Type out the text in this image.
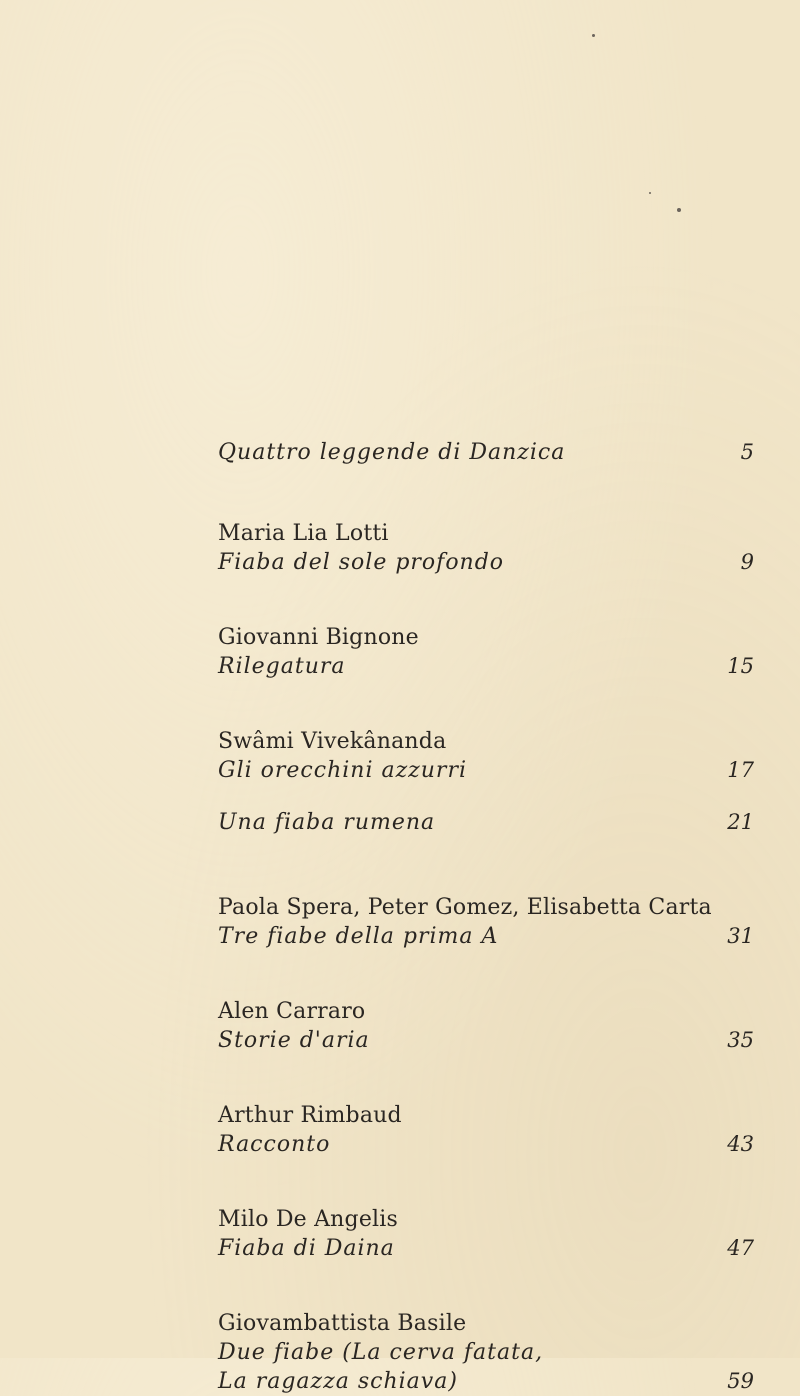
Quattro leggende di Danzica	5
Maria Lia Lotti
Fiaba del sole profondo	9
Giovanni Bignone
Rilegatura	15
Swâmi Vivekânanda
Gli orecchini azzurri	17
Una fiaba rumena	21
Paola Spera, Peter Gomez, Elisabetta Carta
Tre fiabe della prima A	31
Alen Carraro
Storie d'aria	35
Arthur Rimbaud
Racconto	43
Milo De Angelis
Fiaba di Daina	47
Giovambattista Basile
Due fiabe (La cerva fatata,
La ragazza schiava)	59
